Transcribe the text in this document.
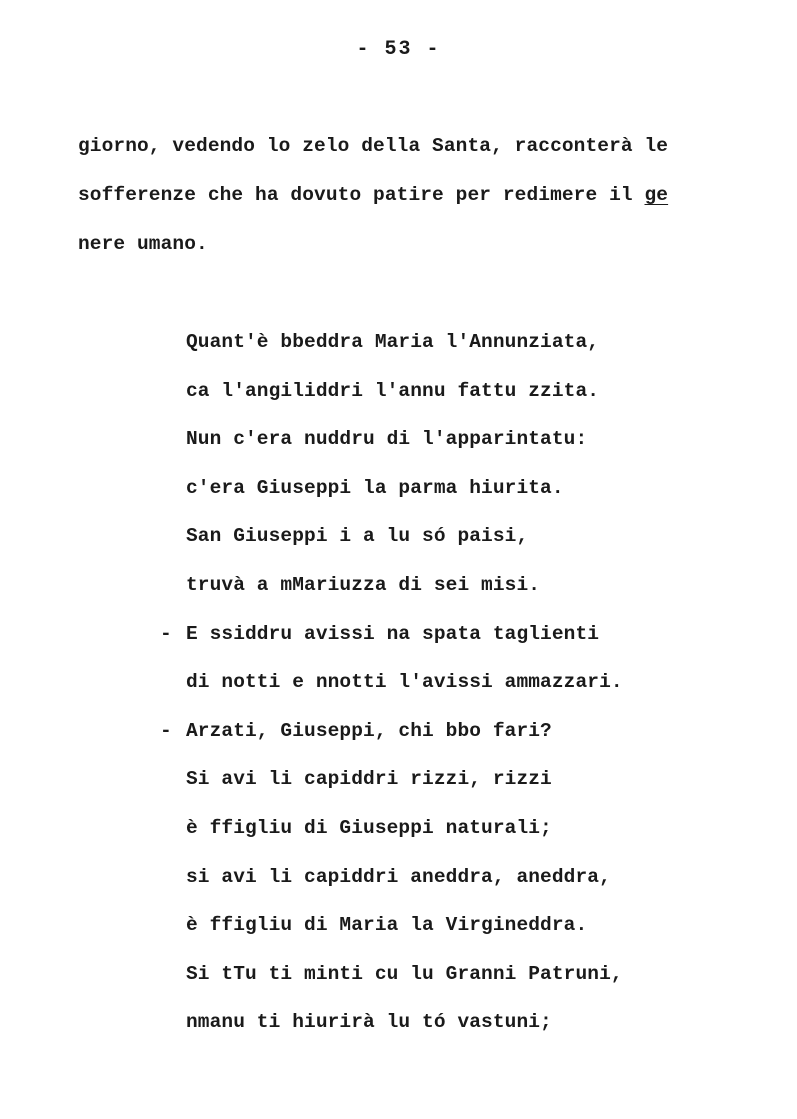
- 53 -
giorno, vedendo lo zelo della Santa, racconterà le
sofferenze che ha dovuto patire per redimere il ge
nere umano.
Quant'è bbeddra Maria l'Annunziata,
ca l'angiliddri l'annu fattu zzita.
Nun c'era nuddru di l'apparintatu:
c'era Giuseppi la parma hiurita.
San Giuseppi i a lu só paisi,
truvà a mMariuzza di sei misi.
- E ssiddru avissi na spata taglienti
di notti e nnotti l'avissi ammazzari.
- Arzati, Giuseppi, chi bbo fari?
Si avi li capiddri rizzi, rizzi
è ffigliu di Giuseppi naturali;
si avi li capiddri aneddra, aneddra,
è ffigliu di Maria la Virgineddra.
Si tTu ti minti cu lu Granni Patruni,
nmanu ti hiurirà lu tó vastuni;
